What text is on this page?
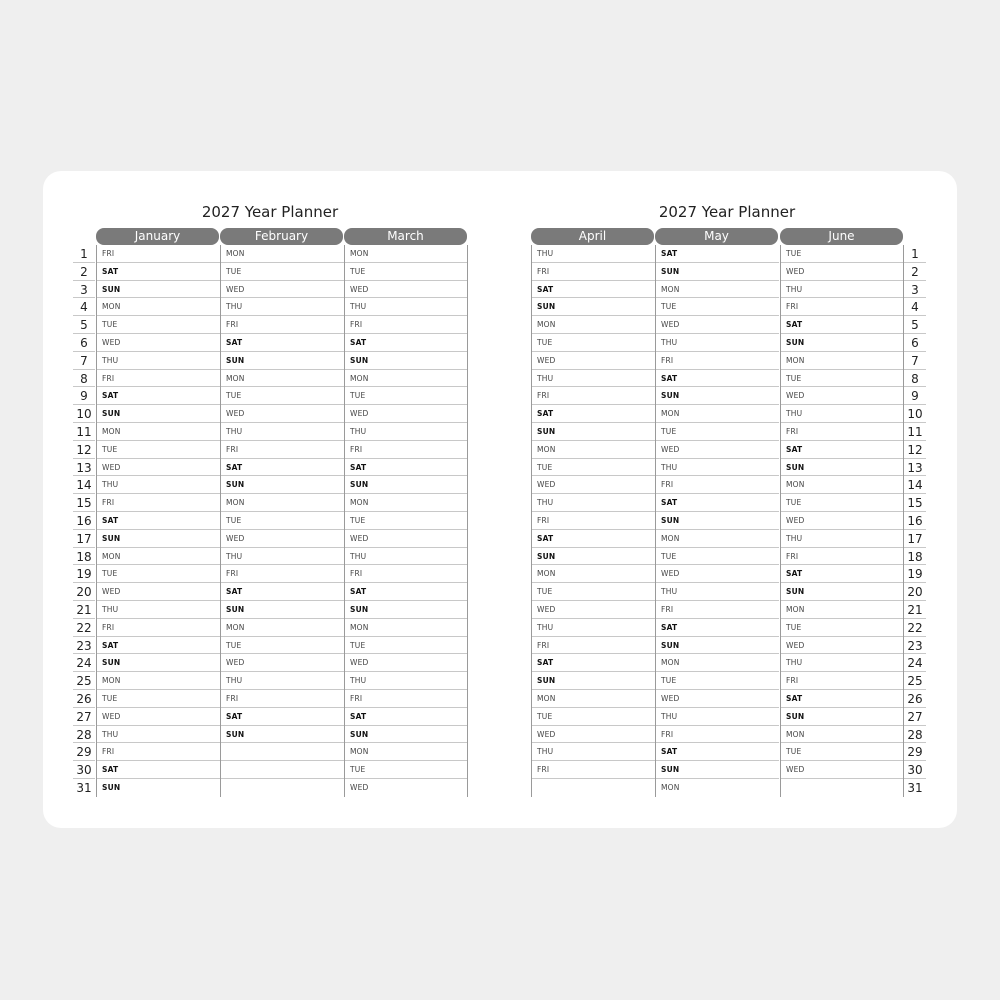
2027 Year Planner	2027 Year Planner
January
FRI
SAT
SUN
MON
TUE
WED
THU
FRI
SAT
SUN
MON
TUE
WED
THU
FRI
SAT
SUN
MON
TUE
WED
THU
FRI
SAT
SUN
MON
TUE
WED
THU
FRI
SAT
SUN
February
MON
TUE
WED
THU
FRI
SAT
SUN
MON
TUE
WED
THU
FRI
SAT
SUN
MON
TUE
WED
THU
FRI
SAT
SUN
MON
TUE
WED
THU
FRI
SAT
SUN
March
MON
TUE
WED
THU
FRI
SAT
SUN
MON
TUE
WED
THU
FRI
SAT
SUN
MON
TUE
WED
THU
FRI
SAT
SUN
MON
TUE
WED
THU
FRI
SAT
SUN
MON
TUE
WED
1
2
3
4
5
6
7
8
9
10
11
12
13
14
15
16
17
18
19
20
21
22
23
24
25
26
27
28
29
30
31
April
THU
FRI
SAT
SUN
MON
TUE
WED
THU
FRI
SAT
SUN
MON
TUE
WED
THU
FRI
SAT
SUN
MON
TUE
WED
THU
FRI
SAT
SUN
MON
TUE
WED
THU
FRI
May
SAT
SUN
MON
TUE
WED
THU
FRI
SAT
SUN
MON
TUE
WED
THU
FRI
SAT
SUN
MON
TUE
WED
THU
FRI
SAT
SUN
MON
TUE
WED
THU
FRI
SAT
SUN
MON
June
TUE
WED
THU
FRI
SAT
SUN
MON
TUE
WED
THU
FRI
SAT
SUN
MON
TUE
WED
THU
FRI
SAT
SUN
MON
TUE
WED
THU
FRI
SAT
SUN
MON
TUE
WED
1
2
3
4
5
6
7
8
9
10
11
12
13
14
15
16
17
18
19
20
21
22
23
24
25
26
27
28
29
30
31
